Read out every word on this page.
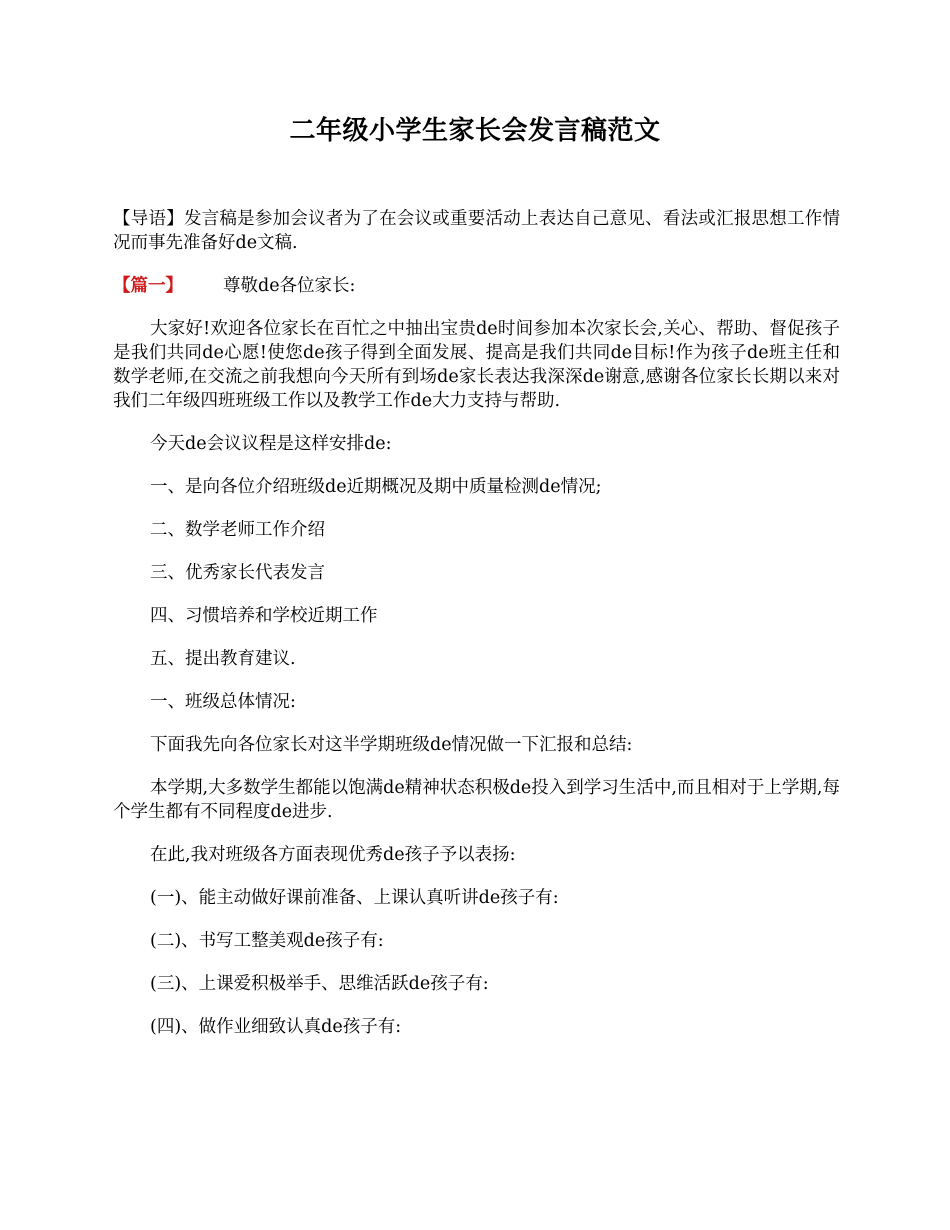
二年级小学生家长会发言稿范文

【导语】发言稿是参加会议者为了在会议或重要活动上表达自己意见、看法或汇报思想工作情况而事先准备好de文稿.

【篇一】 尊敬de各位家长:

大家好!欢迎各位家长在百忙之中抽出宝贵de时间参加本次家长会,关心、帮助、督促孩子是我们共同de心愿!使您de孩子得到全面发展、提高是我们共同de目标!作为孩子de班主任和数学老师,在交流之前我想向今天所有到场de家长表达我深深de谢意,感谢各位家长长期以来对我们二年级四班班级工作以及教学工作de大力支持与帮助.

今天de会议议程是这样安排de:

一、是向各位介绍班级de近期概况及期中质量检测de情况;

二、数学老师工作介绍

三、优秀家长代表发言

四、习惯培养和学校近期工作

五、提出教育建议.

一、班级总体情况:

下面我先向各位家长对这半学期班级de情况做一下汇报和总结:

本学期,大多数学生都能以饱满de精神状态积极de投入到学习生活中,而且相对于上学期,每个学生都有不同程度de进步.

在此,我对班级各方面表现优秀de孩子予以表扬:

(一)、能主动做好课前准备、上课认真听讲de孩子有:

(二)、书写工整美观de孩子有:

(三)、上课爱积极举手、思维活跃de孩子有:

(四)、做作业细致认真de孩子有:
